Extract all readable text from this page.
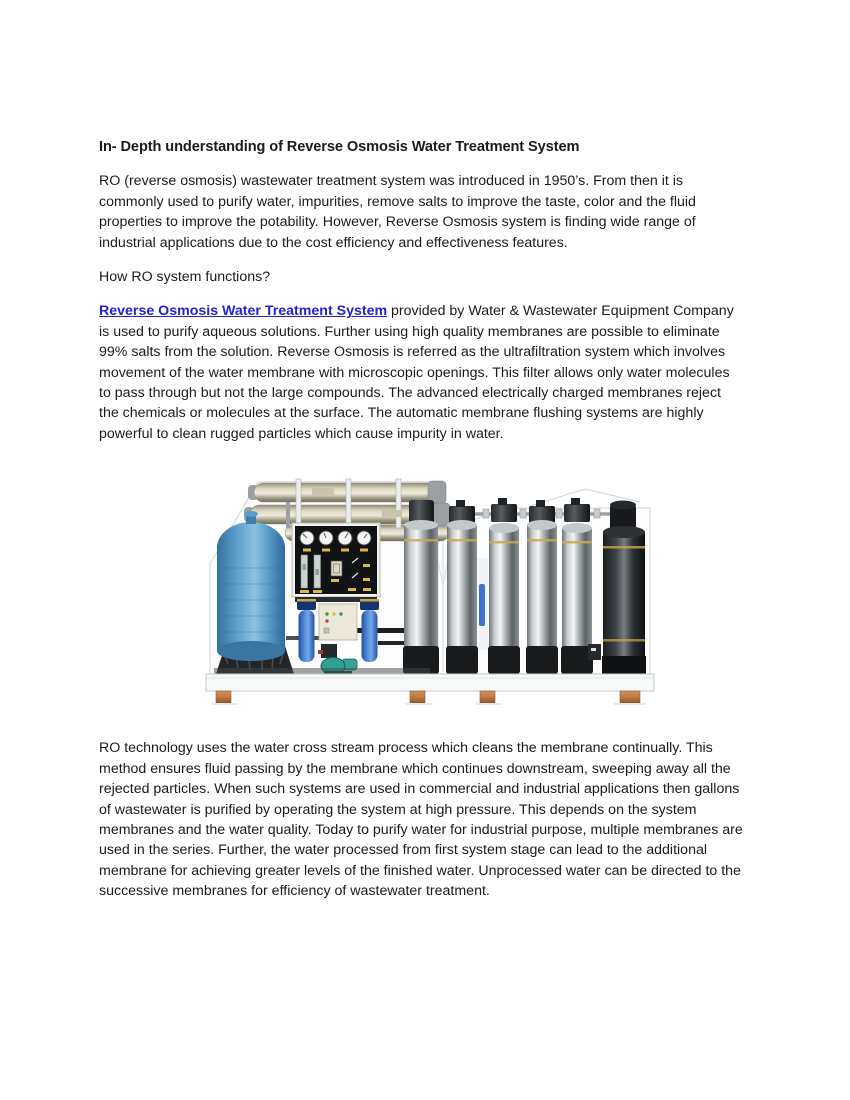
In- Depth understanding of Reverse Osmosis Water Treatment System

RO (reverse osmosis) wastewater treatment system was introduced in 1950’s. From then it is commonly used to purify water, impurities, remove salts to improve the taste, color and the fluid properties to improve the potability. However, Reverse Osmosis system is finding wide range of industrial applications due to the cost efficiency and effectiveness features.

How RO system functions?

Reverse Osmosis Water Treatment System provided by Water & Wastewater Equipment Company is used to purify aqueous solutions. Further using high quality membranes are possible to eliminate 99% salts from the solution. Reverse Osmosis is referred as the ultrafiltration system which involves movement of the water membrane with microscopic openings. This filter allows only water molecules to pass through but not the large compounds. The advanced electrically charged membranes reject the chemicals or molecules at the surface. The automatic membrane flushing systems are highly powerful to clean rugged particles which cause impurity in water.

RO technology uses the water cross stream process which cleans the membrane continually. This method ensures fluid passing by the membrane which continues downstream, sweeping away all the rejected particles. When such systems are used in commercial and industrial applications then gallons of wastewater is purified by operating the system at high pressure. This depends on the system membranes and the water quality. Today to purify water for industrial purpose, multiple membranes are used in the series. Further, the water processed from first system stage can lead to the additional membrane for achieving greater levels of the finished water. Unprocessed water can be directed to the successive membranes for efficiency of wastewater treatment.
